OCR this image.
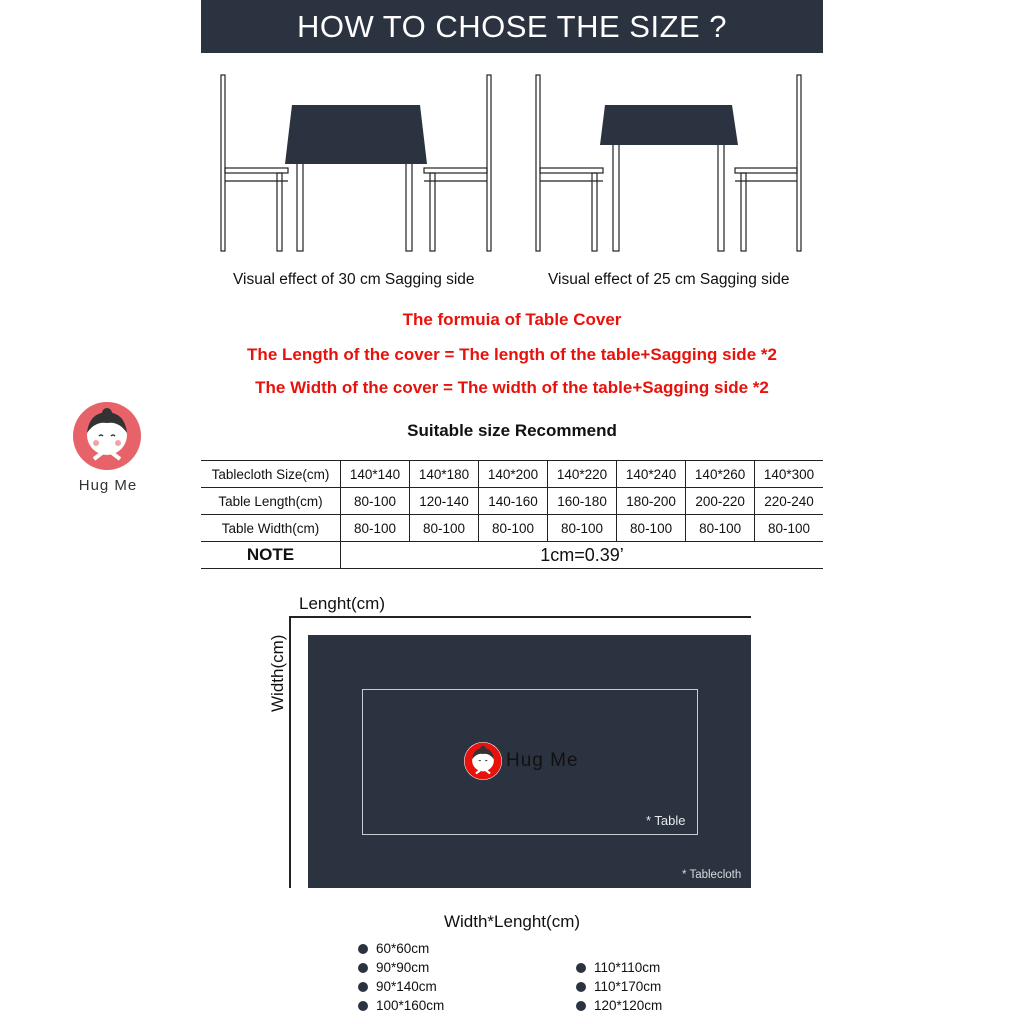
HOW TO CHOSE THE SIZE ?
Visual effect of 30 cm Sagging side	Visual effect of 25 cm Sagging side
The formuia of Table Cover
The Length of the cover = The length of the table+Sagging side *2
The Width of the cover = The width of the table+Sagging side *2
Hug Me
Suitable size Recommend
Tablecloth Size(cm)	140*140	140*180	140*200	140*220	140*240	140*260	140*300
Table Length(cm)	80-100	120-140	140-160	160-180	180-200	200-220	220-240
Table Width(cm)	80-100	80-100	80-100	80-100	80-100	80-100	80-100
NOTE	1cm=0.39’						
Lenght(cm)
Width(cm)
Hug Me
* Table
* Tablecloth
Width*Lenght(cm)
60*60cm
90*90cm
90*140cm
100*160cm
110*110cm
110*170cm
120*120cm
